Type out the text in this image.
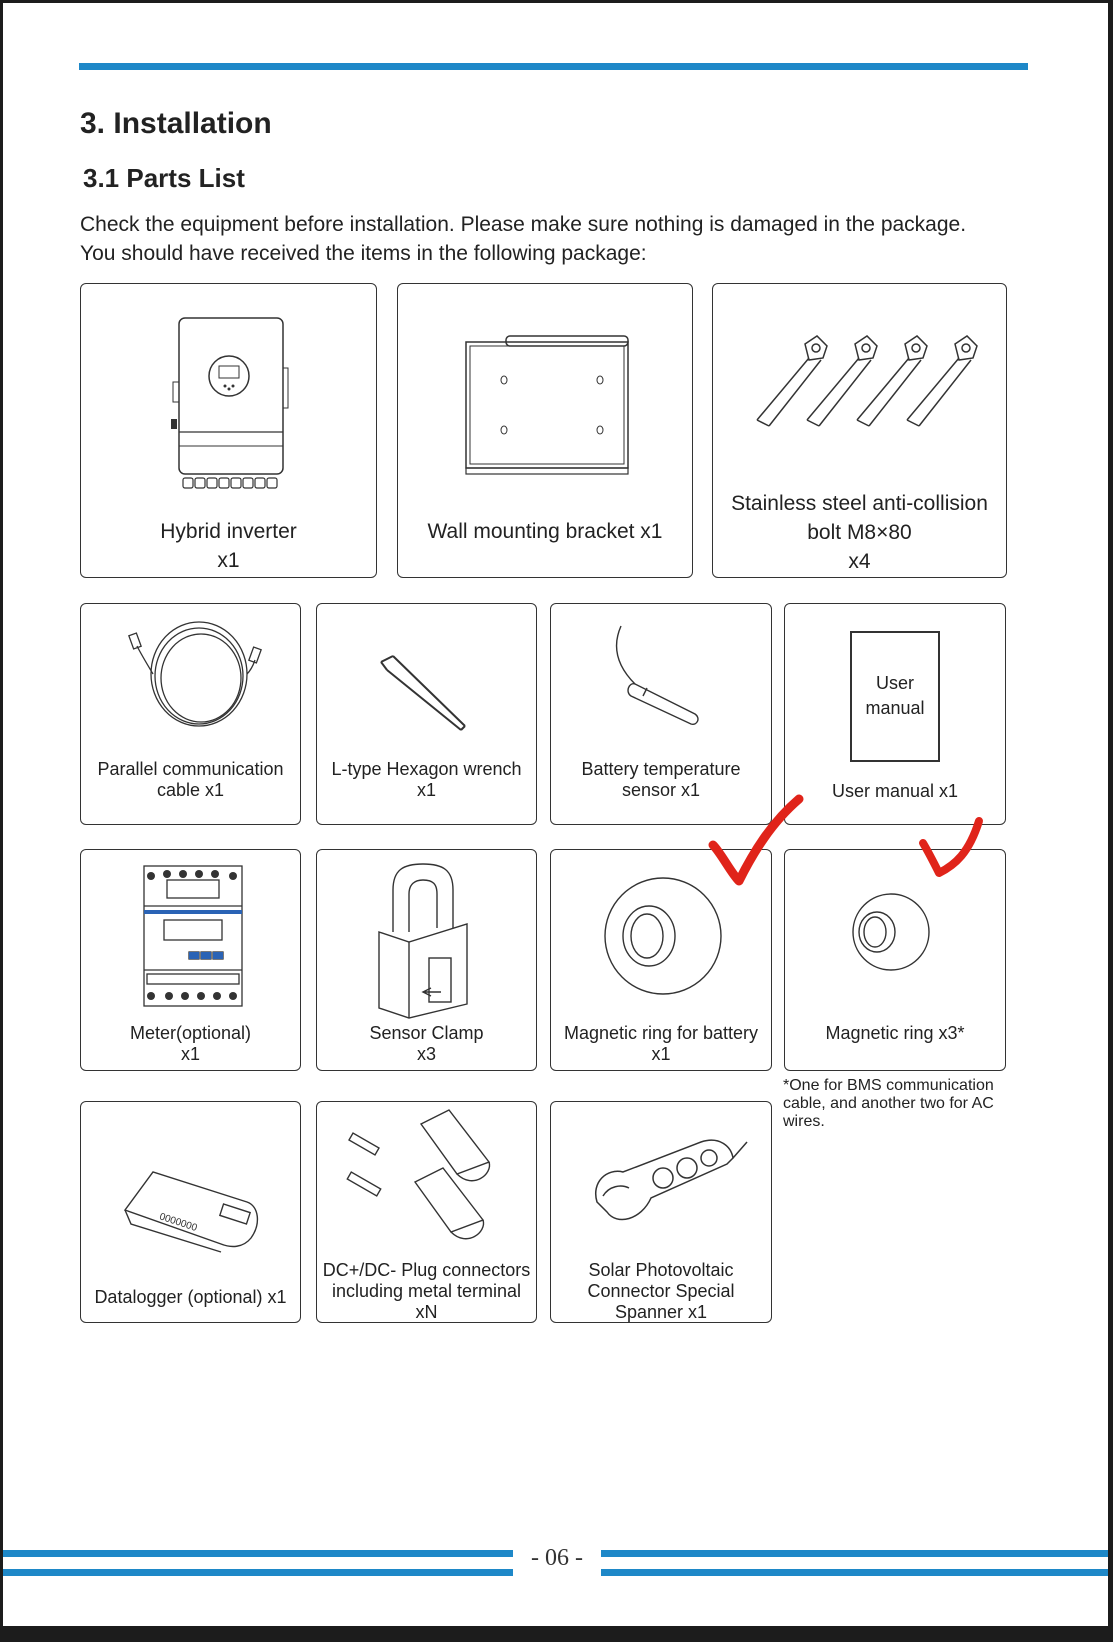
3. Installation
3.1 Parts List
Check the equipment before installation. Please make sure nothing is damaged in the package.
You should have received the items in the following package:
Hybrid inverter
x1
Wall mounting bracket x1
Stainless steel anti-collision
bolt M8×80
x4
Parallel communication
cable x1
L-type Hexagon wrench
x1
Battery temperature
sensor x1
User
manual
User manual x1
Meter(optional)
x1
Sensor Clamp
x3
Magnetic ring for battery
x1
Magnetic ring x3*
*One for BMS communication
cable, and another two for AC
wires.
0000000
Datalogger (optional) x1
DC+/DC- Plug connectors
including metal terminal
xN
Solar Photovoltaic
Connector Special
Spanner x1
- 06 -
